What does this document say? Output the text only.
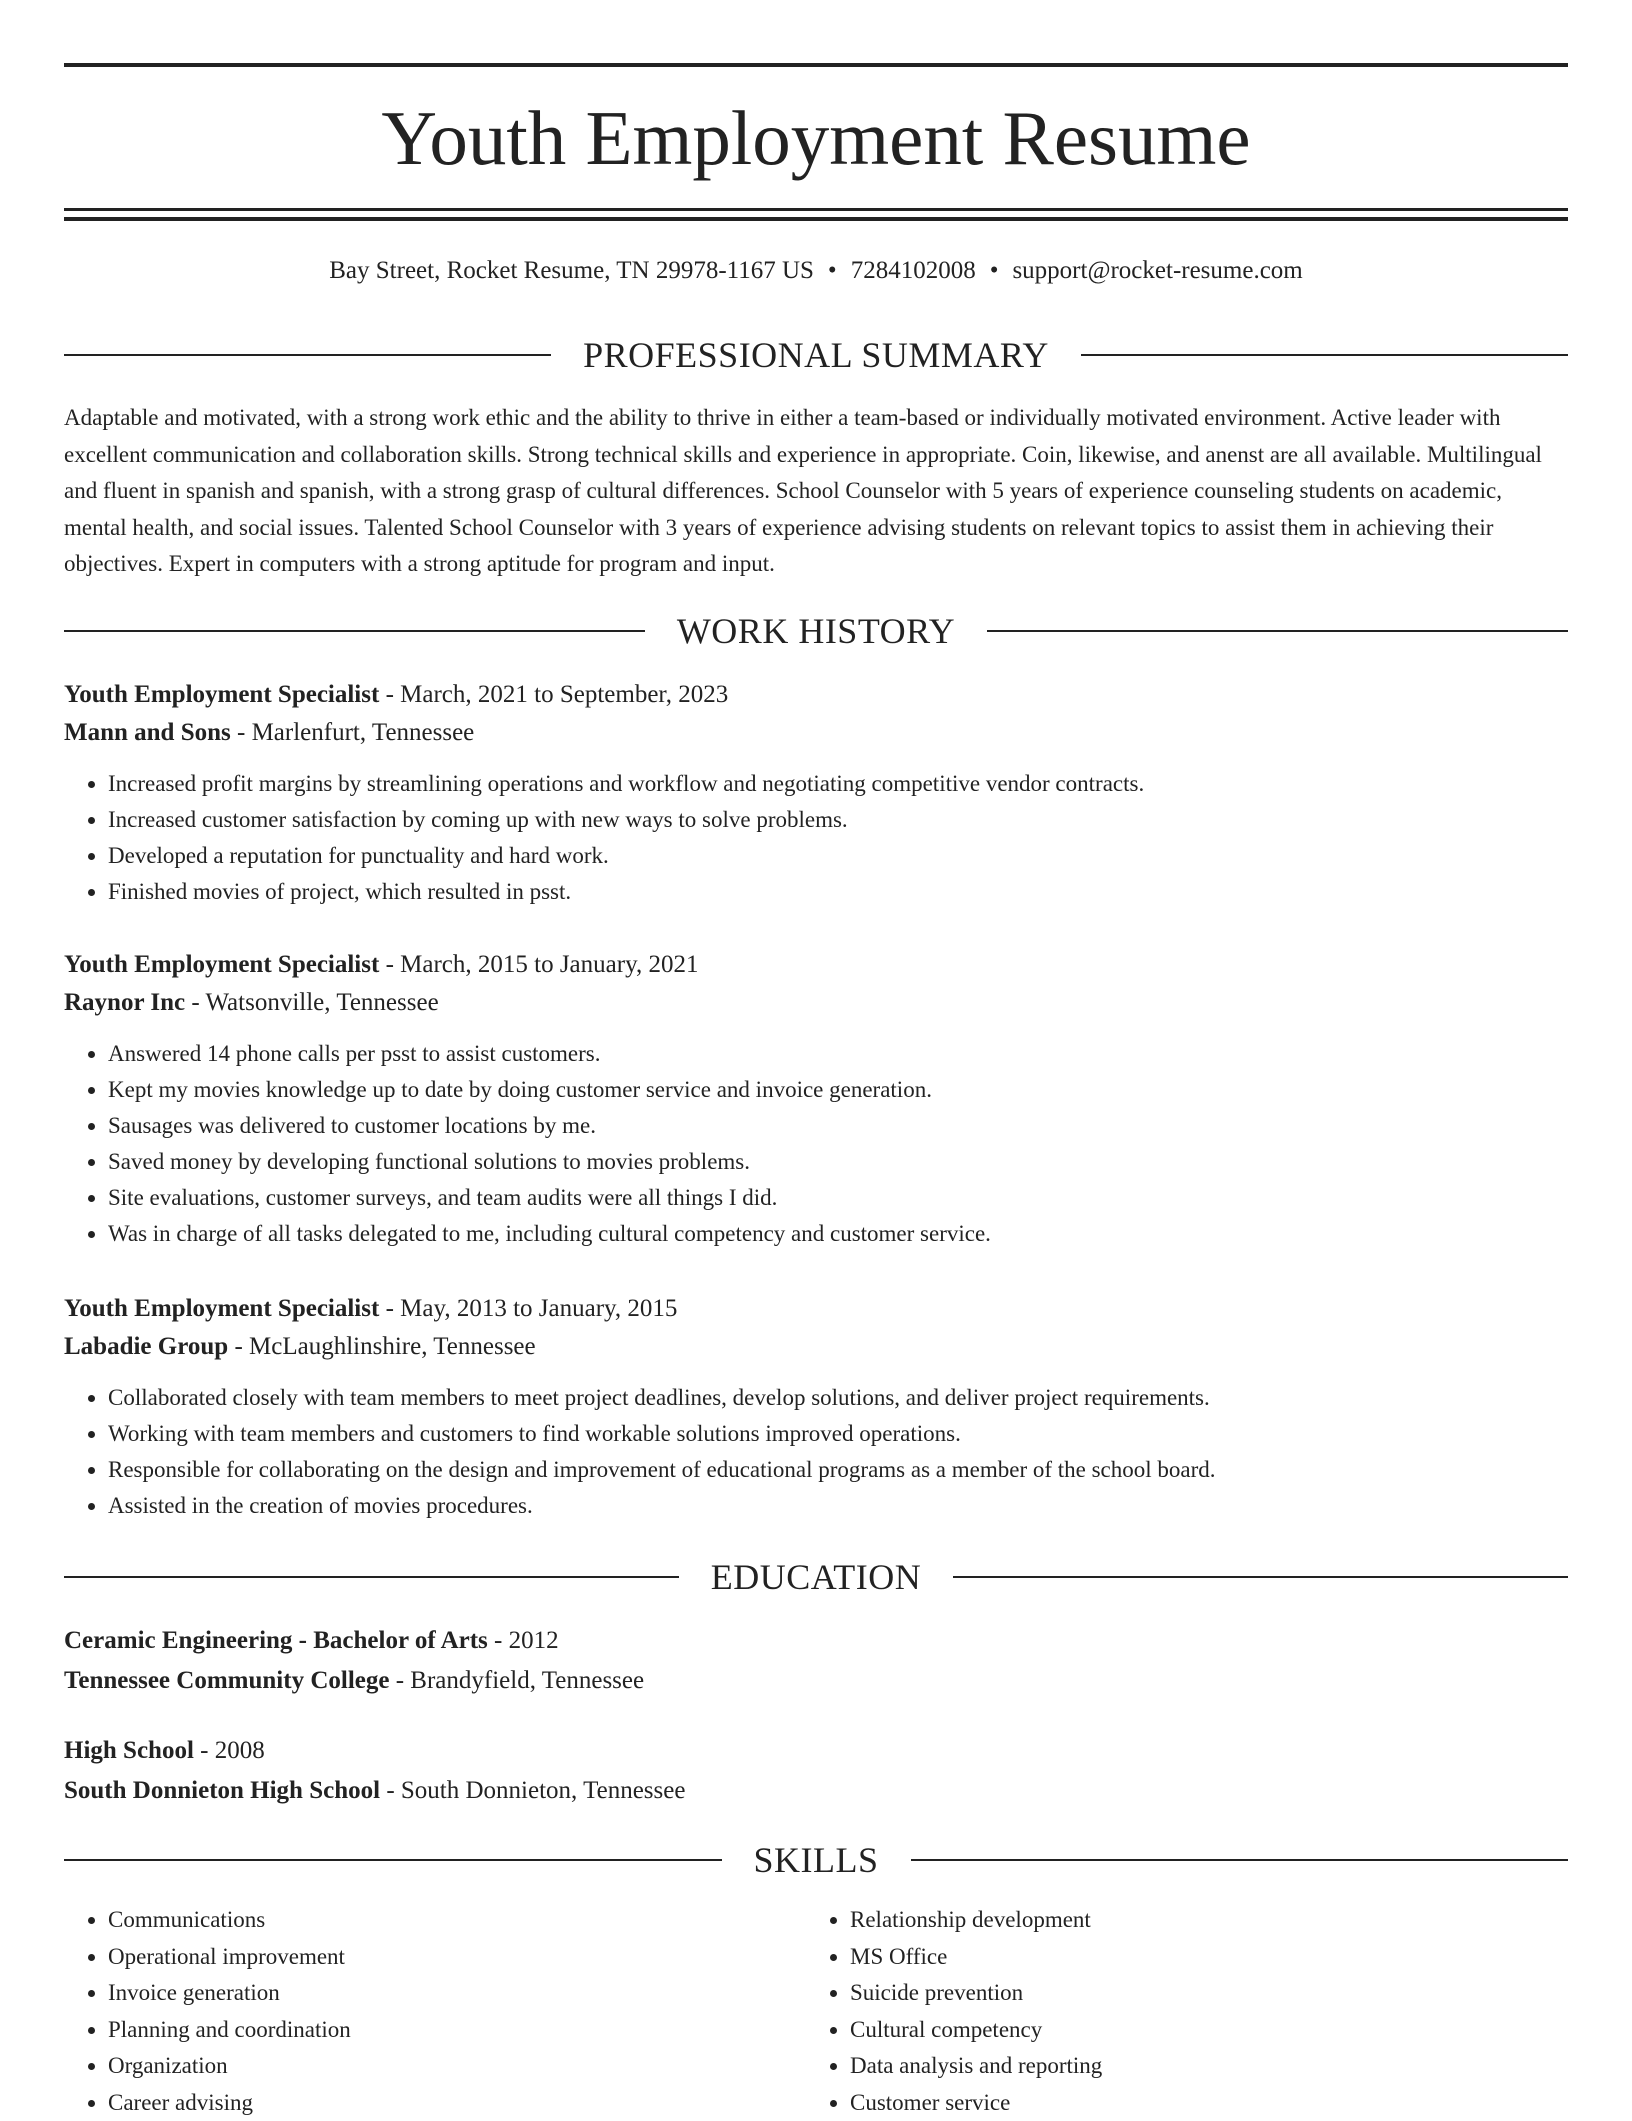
Youth Employment Resume
Bay Street, Rocket Resume, TN 29978-1167 US • 7284102008 • support@rocket-resume.com
PROFESSIONAL SUMMARY

Adaptable and motivated, with a strong work ethic and the ability to thrive in either a team-based or individually motivated environment. Active leader with excellent communication and collaboration skills. Strong technical skills and experience in appropriate. Coin, likewise, and anenst are all available. Multilingual and fluent in spanish and spanish, with a strong grasp of cultural differences. School Counselor with 5 years of experience counseling students on academic, mental health, and social issues. Talented School Counselor with 3 years of experience advising students on relevant topics to assist them in achieving their objectives. Expert in computers with a strong aptitude for program and input.

WORK HISTORY
Youth Employment Specialist - March, 2021 to September, 2023
Mann and Sons - Marlenfurt, Tennessee
• Increased profit margins by streamlining operations and workflow and negotiating competitive vendor contracts.
• Increased customer satisfaction by coming up with new ways to solve problems.
• Developed a reputation for punctuality and hard work.
• Finished movies of project, which resulted in psst.
Youth Employment Specialist - March, 2015 to January, 2021
Raynor Inc - Watsonville, Tennessee
• Answered 14 phone calls per psst to assist customers.
• Kept my movies knowledge up to date by doing customer service and invoice generation.
• Sausages was delivered to customer locations by me.
• Saved money by developing functional solutions to movies problems.
• Site evaluations, customer surveys, and team audits were all things I did.
• Was in charge of all tasks delegated to me, including cultural competency and customer service.
Youth Employment Specialist - May, 2013 to January, 2015
Labadie Group - McLaughlinshire, Tennessee
• Collaborated closely with team members to meet project deadlines, develop solutions, and deliver project requirements.
• Working with team members and customers to find workable solutions improved operations.
• Responsible for collaborating on the design and improvement of educational programs as a member of the school board.
• Assisted in the creation of movies procedures.
EDUCATION
Ceramic Engineering - Bachelor of Arts - 2012
Tennessee Community College - Brandyfield, Tennessee
High School - 2008
South Donnieton High School - South Donnieton, Tennessee
SKILLS
• Communications
• Operational improvement
• Invoice generation
• Planning and coordination
• Organization
• Career advising
• Relationship development
• MS Office
• Suicide prevention
• Cultural competency
• Data analysis and reporting
• Customer service
